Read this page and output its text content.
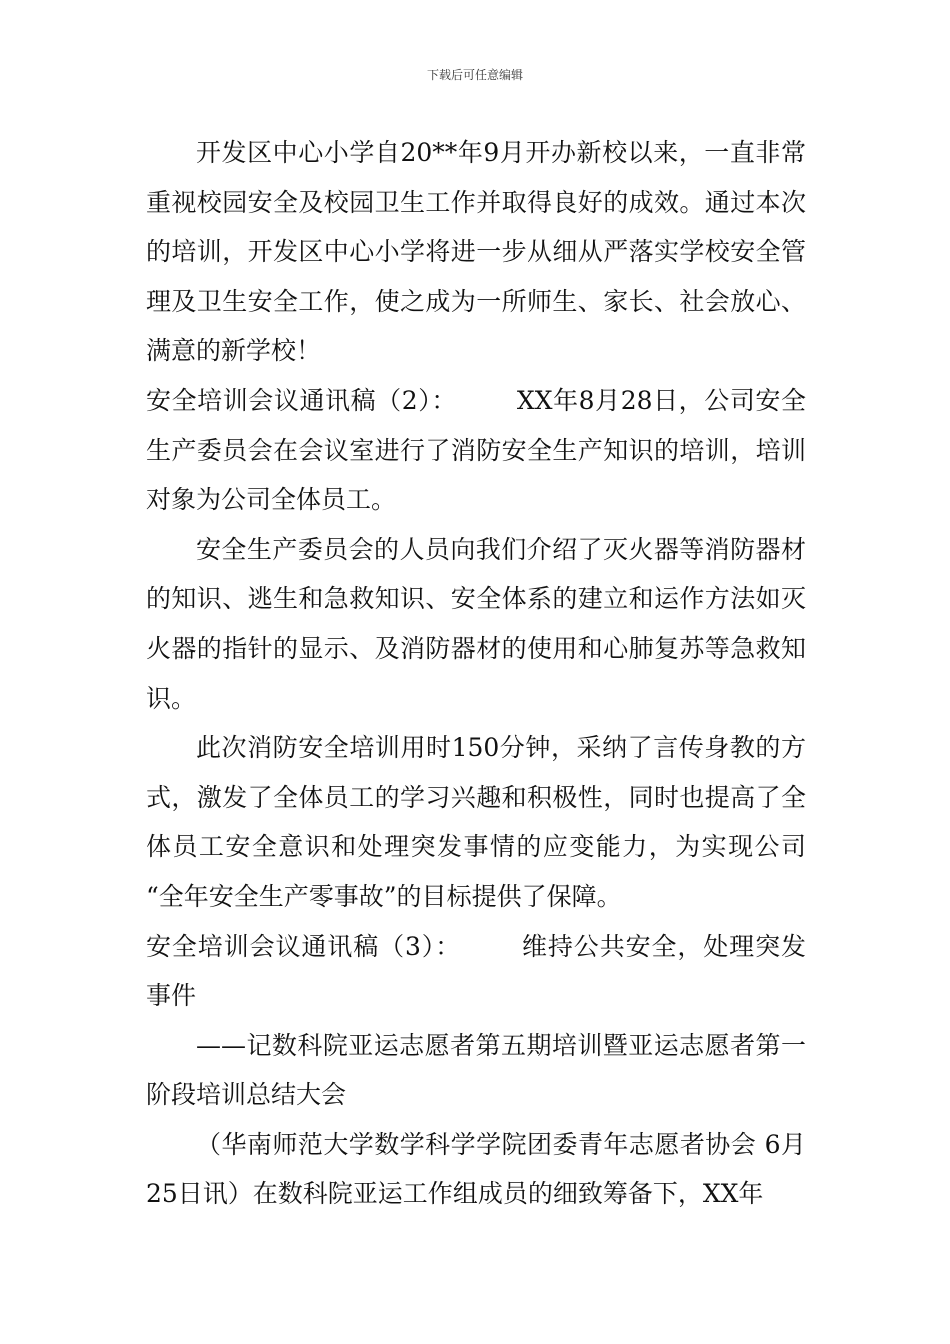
下载后可任意编辑

开发区中心小学自20**年9月开办新校以来，一直非常重视校园安全及校园卫生工作并取得良好的成效。通过本次的培训，开发区中心小学将进一步从细从严落实学校安全管理及卫生安全工作，使之成为一所师生、家长、社会放心、满意的新学校！

安全培训会议通讯稿（2）： XX年8月28日，公司安全生产委员会在会议室进行了消防安全生产知识的培训，培训对象为公司全体员工。

安全生产委员会的人员向我们介绍了灭火器等消防器材的知识、逃生和急救知识、安全体系的建立和运作方法如灭火器的指针的显示、及消防器材的使用和心肺复苏等急救知识。

此次消防安全培训用时150分钟，采纳了言传身教的方式，激发了全体员工的学习兴趣和积极性，同时也提高了全体员工安全意识和处理突发事情的应变能力，为实现公司 “全年安全生产零事故”的目标提供了保障。

安全培训会议通讯稿（3）： 维持公共安全，处理突发事件

——记数科院亚运志愿者第五期培训暨亚运志愿者第一阶段培训总结大会

（华南师范大学数学科学学院团委青年志愿者协会 6月25日讯）在数科院亚运工作组成员的细致筹备下，XX年
